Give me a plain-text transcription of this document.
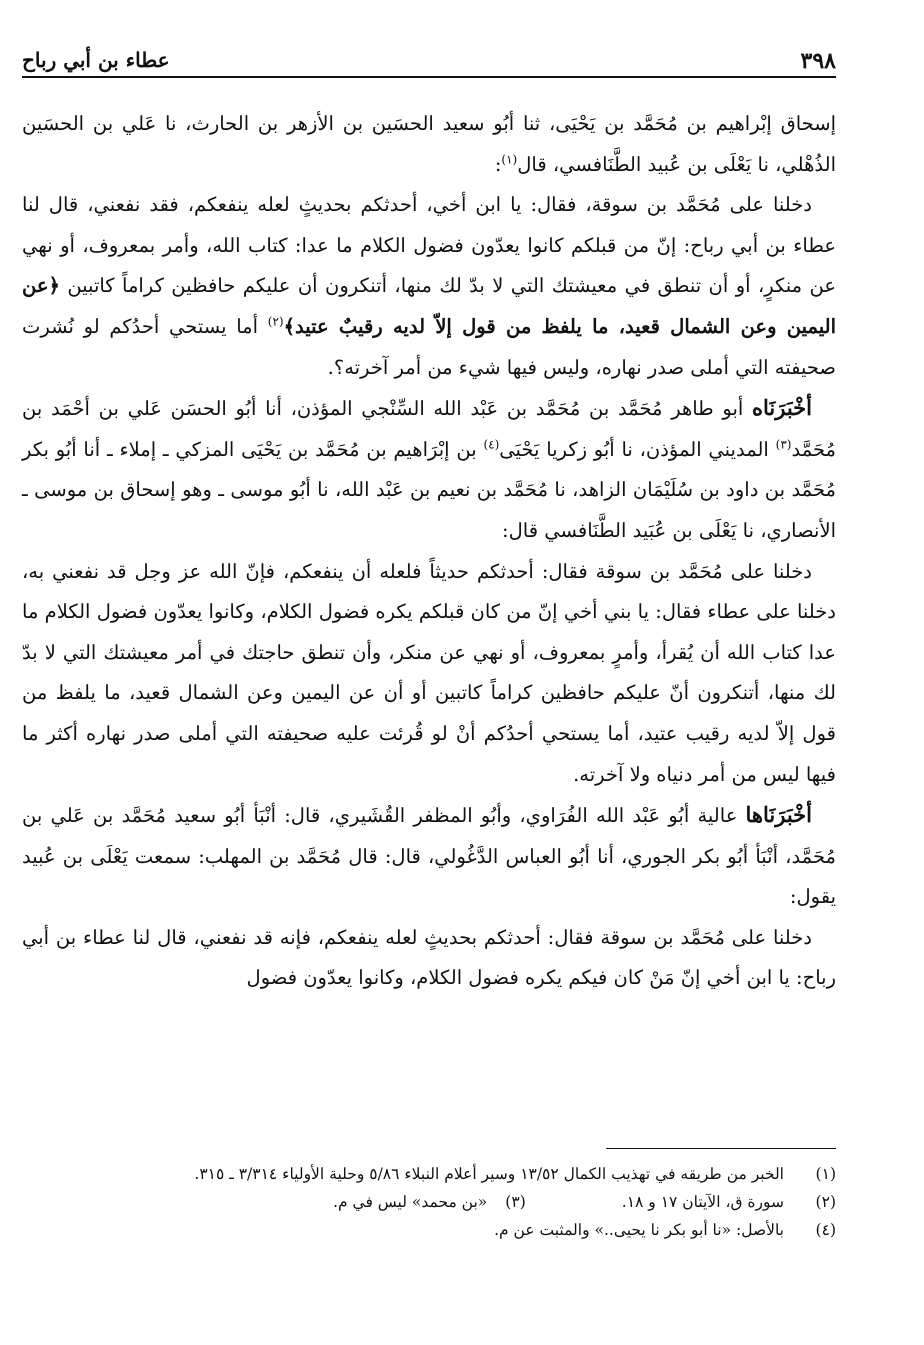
عطاء بن أبي رباح	٣٩٨

إسحاق إبْراهيم بن مُحَمَّد بن يَحْيَى، ثنا أبُو سعيد الحسَين بن الأزهر بن الحارث، نا عَلي بن الحسَين الذُهْلي، نا يَعْلَى بن عُبيد الطَّنَافسي، قال$^{(١)}$:

دخلنا على مُحَمَّد بن سوقة، فقال: يا ابن أخي، أحدثكم بحديثٍ لعله ينفعكم، فقد نفعني، قال لنا عطاء بن أبي رباح: إنّ من قبلكم كانوا يعدّون فضول الكلام ما عدا: كتاب الله، وأمر بمعروف، أو نهي عن منكرٍ، أو أن تنطق في معيشتك التي لا بدّ لك منها، أتنكرون أن عليكم حافظين كراماً كاتبين ﴿عن اليمين وعن الشمال قعيد، ما يلفظ من قول إلاّ لديه رقيبٌ عتيد﴾$^{(٢)}$ أما يستحي أحدُكم لو نُشرت صحيفته التي أملى صدر نهاره، وليس فيها شيء من أمر آخرته؟.

أخْبَرَنَاه أبو طاهر مُحَمَّد بن مُحَمَّد بن عَبْد الله السِّنْجي المؤذن، أنا أبُو الحسَن عَلي بن أحْمَد بن مُحَمَّد$^{(٣)}$ المديني المؤذن، نا أبُو زكريا يَحْيَى$^{(٤)}$ بن إبْرَاهيم بن مُحَمَّد بن يَحْيَى المزكي ـ إملاء ـ أنا أبُو بكر مُحَمَّد بن داود بن سُلَيْمَان الزاهد، نا مُحَمَّد بن نعيم بن عَبْد الله، نا أبُو موسى ـ وهو إسحاق بن موسى ـ الأنصاري، نا يَعْلَى بن عُبَيد الطَّنَافسي قال:

دخلنا على مُحَمَّد بن سوقة فقال: أحدثكم حديثاً فلعله أن ينفعكم، فإنّ الله عز وجل قد نفعني به، دخلنا على عطاء فقال: يا بني أخي إنّ من كان قبلكم يكره فضول الكلام، وكانوا يعدّون فضول الكلام ما عدا كتاب الله أن يُقرأ، وأمرٍ بمعروف، أو نهي عن منكر، وأن تنطق حاجتك في أمر معيشتك التي لا بدّ لك منها، أتنكرون أنّ عليكم حافظين كراماً كاتبين أو أن عن اليمين وعن الشمال قعيد، ما يلفظ من قول إلاّ لديه رقيب عتيد، أما يستحي أحدُكم أنْ لو قُرئت عليه صحيفته التي أملى صدر نهاره أكثر ما فيها ليس من أمر دنياه ولا آخرته.

أخْبَرَنَاها عالية أبُو عَبْد الله الفُرَاوي، وأبُو المظفر القُشَيري، قال: أنْبَأ أبُو سعيد مُحَمَّد بن عَلي بن مُحَمَّد، أنْبَأ أبُو بكر الجوري، أنا أبُو العباس الدَّغُولي، قال: قال مُحَمَّد بن المهلب: سمعت يَعْلَى بن عُبيد يقول:

دخلنا على مُحَمَّد بن سوقة فقال: أحدثكم بحديثٍ لعله ينفعكم، فإنه قد نفعني، قال لنا عطاء بن أبي رباح: يا ابن أخي إنّ مَنْ كان فيكم يكره فضول الكلام، وكانوا يعدّون فضول

(١)
الخبر من طريقه في تهذيب الكمال ١٣/٥٢ وسير أعلام النبلاء ٥/٨٦ وحلية الأولياء ٣/٣١٤ ـ ٣١٥.
(٢)
سورة ق، الآيتان ١٧ و ١٨.
(٣)
«بن محمد» ليس في م.
(٤)
بالأصل: «نا أبو بكر نا يحيى..» والمثبت عن م.
